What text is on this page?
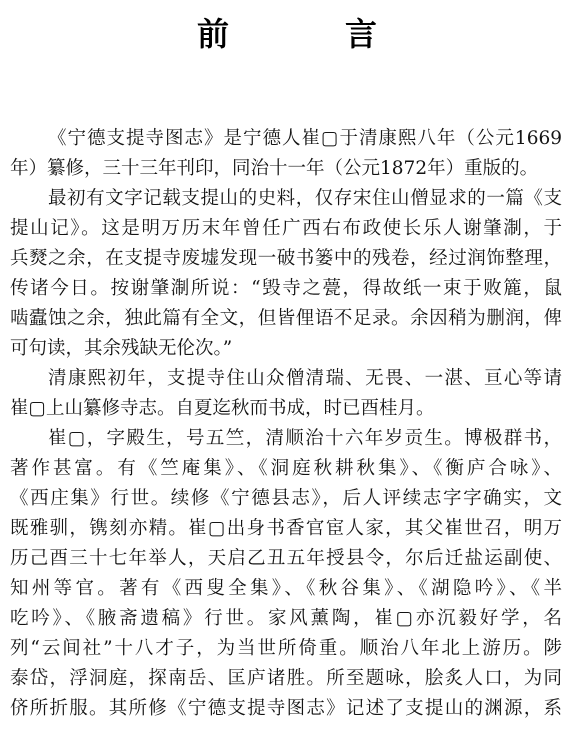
前　言
《宁德支提寺图志》是宁德人崔▢于清康熙八年（公元1669
年）纂修，三十三年刊印，同治十一年（公元1872年）重版的。
最初有文字记载支提山的史料，仅存宋住山僧显求的一篇《支
提山记》。这是明万历末年曾任广西右布政使长乐人谢肇淛，于
兵燹之余，在支提寺废墟发现一破书篓中的残卷，经过润饰整理，
传诸今日。按谢肇淛所说：“毁寺之甍，得故纸一束于败簏，鼠
啮蠹蚀之余，独此篇有全文，但皆俚语不足录。余因稍为删润，俾
可句读，其余残缺无伦次。”
清康熙初年，支提寺住山众僧清瑞、无畏、一湛、亘心等请
崔▢上山纂修寺志。自夏迄秋而书成，时已酉桂月。
崔▢，字殿生，号五竺，清顺治十六年岁贡生。博极群书，
著作甚富。有《竺庵集》、《洞庭秋耕秋集》、《衡庐合咏》、
《西庄集》行世。续修《宁德县志》，后人评续志字字确实，文
既雅驯，镌刻亦精。崔▢出身书香官宦人家，其父崔世召，明万
历己酉三十七年举人，天启乙丑五年授县令，尔后迁盐运副使、
知州等官。著有《西叟全集》、《秋谷集》、《湖隐吟》、《半
吃吟》、《腋斋遗稿》行世。家风薰陶，崔▢亦沉毅好学，名
列“云间社”十八才子，为当世所倚重。顺治八年北上游历。陟
泰岱，浮洞庭，探南岳、匡庐诸胜。所至题咏，脍炙人口，为同
侪所折服。其所修《宁德支提寺图志》记述了支提山的渊源，系
